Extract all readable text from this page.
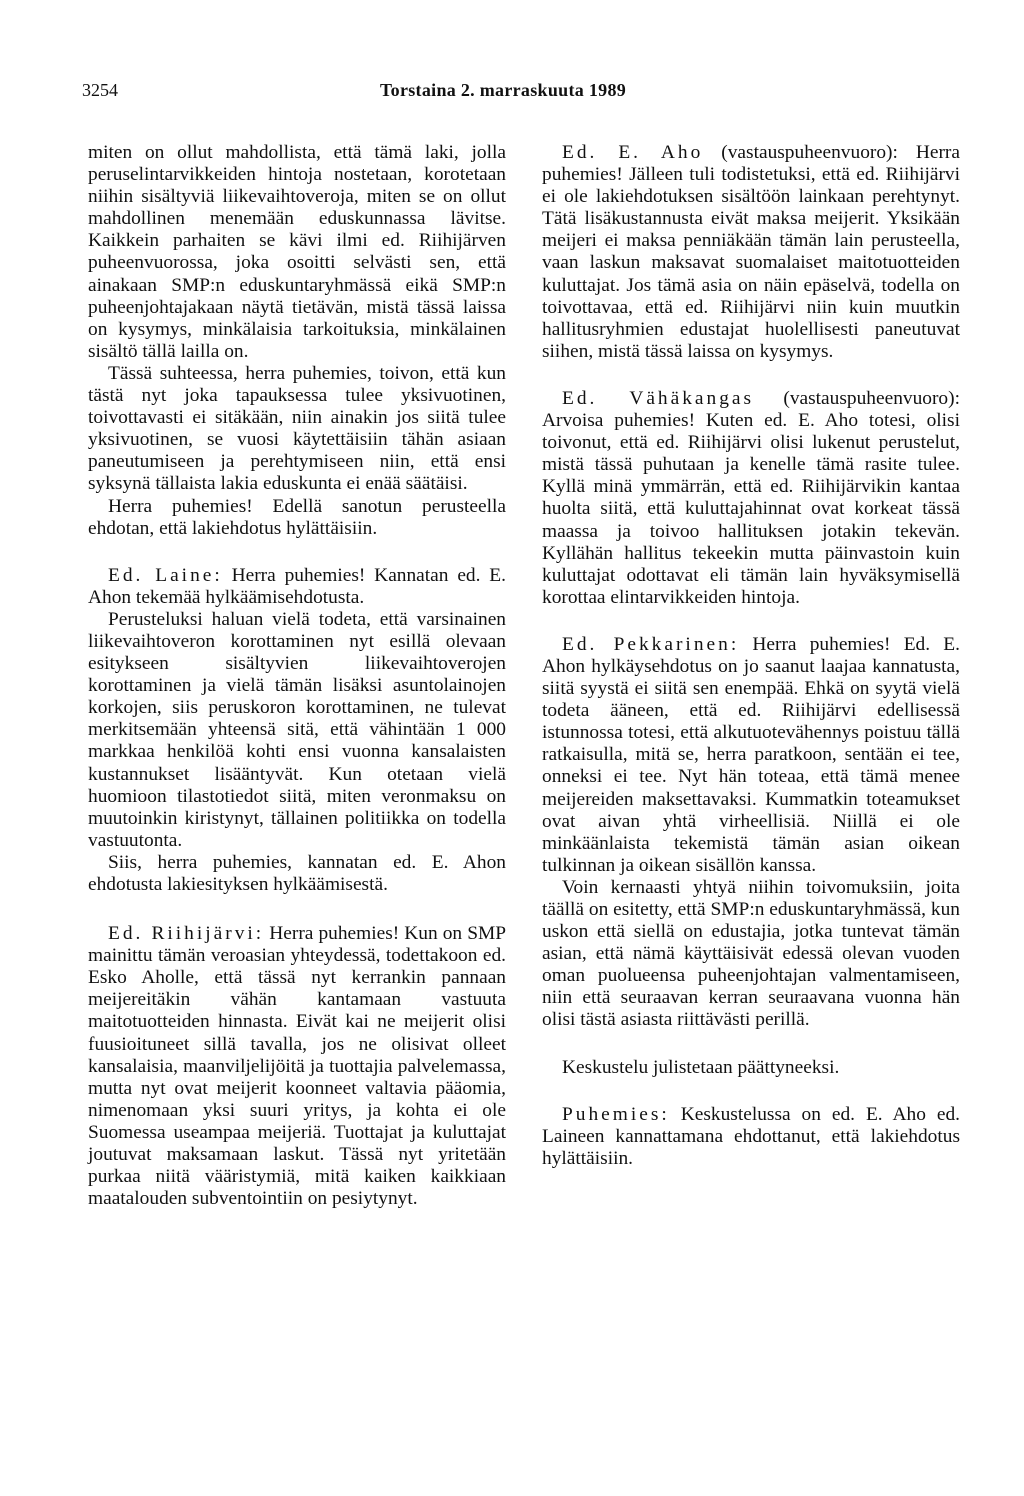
3254	Torstaina 2. marraskuuta 1989

miten on ollut mahdollista, että tämä laki, jolla peruselintarvikkeiden hintoja nostetaan, korotetaan niihin sisältyviä liikevaihtoveroja, miten se on ollut mahdollinen menemään eduskunnassa lävitse. Kaikkein parhaiten se kävi ilmi ed. Riihijärven puheenvuorossa, joka osoitti selvästi sen, että ainakaan SMP:n eduskuntaryhmässä eikä SMP:n puheenjohtajakaan näytä tietävän, mistä tässä laissa on kysymys, minkälaisia tarkoituksia, minkälainen sisältö tällä lailla on.

Tässä suhteessa, herra puhemies, toivon, että kun tästä nyt joka tapauksessa tulee yksivuotinen, toivottavasti ei sitäkään, niin ainakin jos siitä tulee yksivuotinen, se vuosi käytettäisiin tähän asiaan paneutumiseen ja perehtymiseen niin, että ensi syksynä tällaista lakia eduskunta ei enää säätäisi.

Herra puhemies! Edellä sanotun perusteella ehdotan, että lakiehdotus hylättäisiin.

Ed. Laine: Herra puhemies! Kannatan ed. E. Ahon tekemää hylkäämisehdotusta.

Perusteluksi haluan vielä todeta, että varsinainen liikevaihtoveron korottaminen nyt esillä olevaan esitykseen sisältyvien liikevaihtoverojen korottaminen ja vielä tämän lisäksi asuntolainojen korkojen, siis peruskoron korottaminen, ne tulevat merkitsemään yhteensä sitä, että vähintään 1 000 markkaa henkilöä kohti ensi vuonna kansalaisten kustannukset lisääntyvät. Kun otetaan vielä huomioon tilastotiedot siitä, miten veronmaksu on muutoinkin kiristynyt, tällainen politiikka on todella vastuutonta.

Siis, herra puhemies, kannatan ed. E. Ahon ehdotusta lakiesityksen hylkäämisestä.

Ed. Riihijärvi: Herra puhemies! Kun on SMP mainittu tämän veroasian yhteydessä, todettakoon ed. Esko Aholle, että tässä nyt kerrankin pannaan meijereitäkin vähän kantamaan vastuuta maitotuotteiden hinnasta. Eivät kai ne meijerit olisi fuusioituneet sillä tavalla, jos ne olisivat olleet kansalaisia, maanviljelijöitä ja tuottajia palvelemassa, mutta nyt ovat meijerit koonneet valtavia pääomia, nimenomaan yksi suuri yritys, ja kohta ei ole Suomessa useampaa meijeriä. Tuottajat ja kuluttajat joutuvat maksamaan laskut. Tässä nyt yritetään purkaa niitä vääristymiä, mitä kaiken kaikkiaan maatalouden subventointiin on pesiytynyt.

Ed. E. Aho (vastauspuheenvuoro): Herra puhemies! Jälleen tuli todistetuksi, että ed. Riihijärvi ei ole lakiehdotuksen sisältöön lainkaan perehtynyt. Tätä lisäkustannusta eivät maksa meijerit. Yksikään meijeri ei maksa penniäkään tämän lain perusteella, vaan laskun maksavat suomalaiset maitotuotteiden kuluttajat. Jos tämä asia on näin epäselvä, todella on toivottavaa, että ed. Riihijärvi niin kuin muutkin hallitusryhmien edustajat huolellisesti paneutuvat siihen, mistä tässä laissa on kysymys.

Ed. Vähäkangas (vastauspuheenvuoro): Arvoisa puhemies! Kuten ed. E. Aho totesi, olisi toivonut, että ed. Riihijärvi olisi lukenut perustelut, mistä tässä puhutaan ja kenelle tämä rasite tulee. Kyllä minä ymmärrän, että ed. Riihijärvikin kantaa huolta siitä, että kuluttajahinnat ovat korkeat tässä maassa ja toivoo hallituksen jotakin tekevän. Kyllähän hallitus tekeekin mutta päinvastoin kuin kuluttajat odottavat eli tämän lain hyväksymisellä korottaa elintarvikkeiden hintoja.

Ed. Pekkarinen: Herra puhemies! Ed. E. Ahon hylkäysehdotus on jo saanut laajaa kannatusta, siitä syystä ei siitä sen enempää. Ehkä on syytä vielä todeta ääneen, että ed. Riihijärvi edellisessä istunnossa totesi, että alkutuotevähennys poistuu tällä ratkaisulla, mitä se, herra paratkoon, sentään ei tee, onneksi ei tee. Nyt hän toteaa, että tämä menee meijereiden maksettavaksi. Kummatkin toteamukset ovat aivan yhtä virheellisiä. Niillä ei ole minkäänlaista tekemistä tämän asian oikean tulkinnan ja oikean sisällön kanssa.

Voin kernaasti yhtyä niihin toivomuksiin, joita täällä on esitetty, että SMP:n eduskuntaryhmässä, kun uskon että siellä on edustajia, jotka tuntevat tämän asian, että nämä käyttäisivät edessä olevan vuoden oman puolueensa puheenjohtajan valmentamiseen, niin että seuraavan kerran seuraavana vuonna hän olisi tästä asiasta riittävästi perillä.

Keskustelu julistetaan päättyneeksi.

Puhemies: Keskustelussa on ed. E. Aho ed. Laineen kannattamana ehdottanut, että lakiehdotus hylättäisiin.
